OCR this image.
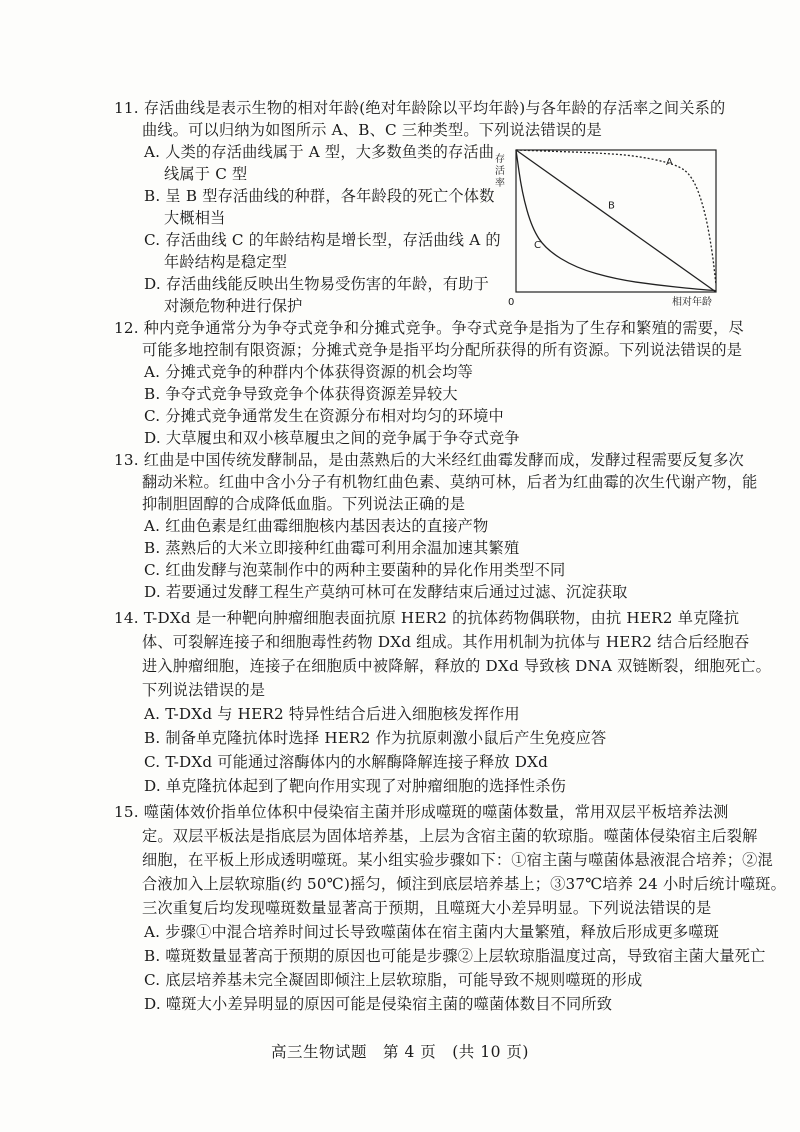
11. 存活曲线是表示生物的相对年龄(绝对年龄除以平均年龄)与各年龄的存活率之间关系的
曲线。可以归纳为如图所示 A、B、C 三种类型。下列说法错误的是
A. 人类的存活曲线属于 A 型，大多数鱼类的存活曲
线属于 C 型
B. 呈 B 型存活曲线的种群，各年龄段的死亡个体数
大概相当
C. 存活曲线 C 的年龄结构是增长型，存活曲线 A 的
年龄结构是稳定型
D. 存活曲线能反映出生物易受伤害的年龄，有助于
对濒危物种进行保护
存活率
A
B
C
0	相对年龄
12. 种内竞争通常分为争夺式竞争和分摊式竞争。争夺式竞争是指为了生存和繁殖的需要，尽
可能多地控制有限资源；分摊式竞争是指平均分配所获得的所有资源。下列说法错误的是
A. 分摊式竞争的种群内个体获得资源的机会均等
B. 争夺式竞争导致竞争个体获得资源差异较大
C. 分摊式竞争通常发生在资源分布相对均匀的环境中
D. 大草履虫和双小核草履虫之间的竞争属于争夺式竞争
13. 红曲是中国传统发酵制品，是由蒸熟后的大米经红曲霉发酵而成，发酵过程需要反复多次
翻动米粒。红曲中含小分子有机物红曲色素、莫纳可林，后者为红曲霉的次生代谢产物，能
抑制胆固醇的合成降低血脂。下列说法正确的是
A. 红曲色素是红曲霉细胞核内基因表达的直接产物
B. 蒸熟后的大米立即接种红曲霉可利用余温加速其繁殖
C. 红曲发酵与泡菜制作中的两种主要菌种的异化作用类型不同
D. 若要通过发酵工程生产莫纳可林可在发酵结束后通过过滤、沉淀获取
14. T-DXd 是一种靶向肿瘤细胞表面抗原 HER2 的抗体药物偶联物，由抗 HER2 单克隆抗
体、可裂解连接子和细胞毒性药物 DXd 组成。其作用机制为抗体与 HER2 结合后经胞吞
进入肿瘤细胞，连接子在细胞质中被降解，释放的 DXd 导致核 DNA 双链断裂，细胞死亡。
下列说法错误的是
A. T-DXd 与 HER2 特异性结合后进入细胞核发挥作用
B. 制备单克隆抗体时选择 HER2 作为抗原刺激小鼠后产生免疫应答
C. T-DXd 可能通过溶酶体内的水解酶降解连接子释放 DXd
D. 单克隆抗体起到了靶向作用实现了对肿瘤细胞的选择性杀伤
15. 噬菌体效价指单位体积中侵染宿主菌并形成噬斑的噬菌体数量，常用双层平板培养法测
定。双层平板法是指底层为固体培养基，上层为含宿主菌的软琼脂。噬菌体侵染宿主后裂解
细胞，在平板上形成透明噬斑。某小组实验步骤如下：①宿主菌与噬菌体悬液混合培养；②混
合液加入上层软琼脂(约 50℃)摇匀，倾注到底层培养基上；③37℃培养 24 小时后统计噬斑。
三次重复后均发现噬斑数量显著高于预期，且噬斑大小差异明显。下列说法错误的是
A. 步骤①中混合培养时间过长导致噬菌体在宿主菌内大量繁殖，释放后形成更多噬斑
B. 噬斑数量显著高于预期的原因也可能是步骤②上层软琼脂温度过高，导致宿主菌大量死亡
C. 底层培养基未完全凝固即倾注上层软琼脂，可能导致不规则噬斑的形成
D. 噬斑大小差异明显的原因可能是侵染宿主菌的噬菌体数目不同所致
高三生物试题　第 4 页　(共 10 页)
